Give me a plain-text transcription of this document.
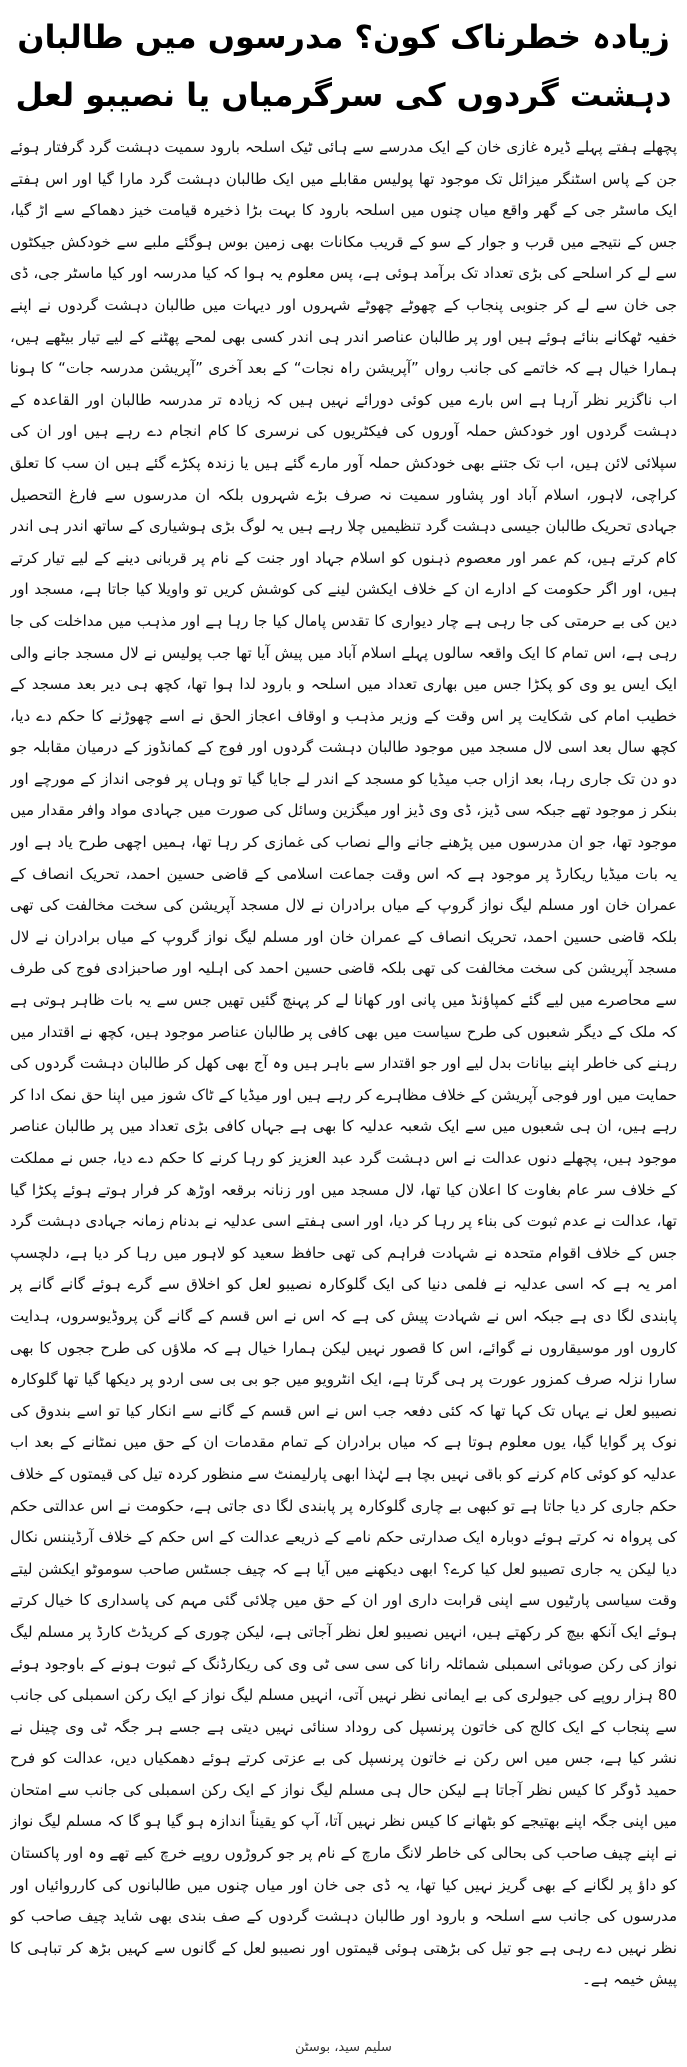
زیادہ خطرناک کون؟ مدرسوں میں طالبان
دہشت گردوں کی سرگرمیاں یا نصیبو لعل

پچھلے ہفتے پہلے ڈیرہ غازی خان کے ایک مدرسے سے ہائی ٹیک اسلحہ بارود سمیت دہشت گرد گرفتار ہوئے جن کے پاس اسٹنگر میزائل تک موجود تھا پولیس مقابلے میں ایک طالبان دہشت گرد مارا گیا اور اس ہفتے ایک ماسٹر جی کے گھر واقع میاں چنوں میں اسلحہ بارود کا بہت بڑا ذخیرہ قیامت خیز دھماکے سے اڑ گیا، جس کے نتیجے میں قرب و جوار کے سو کے قریب مکانات بھی زمین بوس ہوگئے ملبے سے خودکش جیکٹوں سے لے کر اسلحے کی بڑی تعداد تک برآمد ہوئی ہے، پس معلوم یہ ہوا کہ کیا مدرسہ اور کیا ماسٹر جی، ڈی جی خان سے لے کر جنوبی پنجاب کے چھوٹے چھوٹے شہروں اور دیہات میں طالبان دہشت گردوں نے اپنے خفیہ ٹھکانے بنائے ہوئے ہیں اور پر طالبان عناصر اندر ہی اندر کسی بھی لمحے پھٹنے کے لیے تیار بیٹھے ہیں، ہمارا خیال ہے کہ خاتمے کی جانب رواں ”آپریشن راہ نجات“ کے بعد آخری ”آپریشن مدرسہ جات“ کا ہونا اب ناگزیر نظر آرہا ہے اس بارے میں کوئی دورائے نہیں ہیں کہ زیادہ تر مدرسہ طالبان اور القاعدہ کے دہشت گردوں اور خودکش حملہ آوروں کی فیکٹریوں کی نرسری کا کام انجام دے رہے ہیں اور ان کی سپلائی لائن ہیں، اب تک جتنے بھی خودکش حملہ آور مارے گئے ہیں یا زندہ پکڑے گئے ہیں ان سب کا تعلق کراچی، لاہور، اسلام آباد اور پشاور سمیت نہ صرف بڑے شہروں بلکہ ان مدرسوں سے فارغ التحصیل جہادی تحریک طالبان جیسی دہشت گرد تنظیمیں چلا رہے ہیں یہ لوگ بڑی ہوشیاری کے ساتھ اندر ہی اندر کام کرتے ہیں، کم عمر اور معصوم ذہنوں کو اسلام جہاد اور جنت کے نام پر قربانی دینے کے لیے تیار کرتے ہیں، اور اگر حکومت کے ادارے ان کے خلاف ایکشن لینے کی کوشش کریں تو واویلا کیا جاتا ہے، مسجد اور دین کی بے حرمتی کی جا رہی ہے چار دیواری کا تقدس پامال کیا جا رہا ہے اور مذہب میں مداخلت کی جا رہی ہے، اس تمام کا ایک واقعہ سالوں پہلے اسلام آباد میں پیش آیا تھا جب پولیس نے لال مسجد جانے والی ایک ایس یو وی کو پکڑا جس میں بھاری تعداد میں اسلحہ و بارود لدا ہوا تھا، کچھ ہی دیر بعد مسجد کے خطیب امام کی شکایت پر اس وقت کے وزیر مذہب و اوقاف اعجاز الحق نے اسے چھوڑنے کا حکم دے دیا، کچھ سال بعد اسی لال مسجد میں موجود طالبان دہشت گردوں اور فوج کے کمانڈوز کے درمیان مقابلہ جو دو دن تک جاری رہا، بعد ازاں جب میڈیا کو مسجد کے اندر لے جایا گیا تو وہاں پر فوجی انداز کے مورچے اور بنکر ز موجود تھے جبکہ سی ڈیز، ڈی وی ڈیز اور میگزین وسائل کی صورت میں جہادی مواد وافر مقدار میں موجود تھا، جو ان مدرسوں میں پڑھنے جانے والے نصاب کی غمازی کر رہا تھا، ہمیں اچھی طرح یاد ہے اور یہ بات میڈیا ریکارڈ پر موجود ہے کہ اس وقت جماعت اسلامی کے قاضی حسین احمد، تحریک انصاف کے عمران خان اور مسلم لیگ نواز گروپ کے میاں برادران نے لال مسجد آپریشن کی سخت مخالفت کی تھی بلکہ قاضی حسین احمد، تحریک انصاف کے عمران خان اور مسلم لیگ نواز گروپ کے میاں برادران نے لال مسجد آپریشن کی سخت مخالفت کی تھی بلکہ قاضی حسین احمد کی اہلیہ اور صاحبزادی فوج کی طرف سے محاصرے میں لیے گئے کمپاؤنڈ میں پانی اور کھانا لے کر پہنچ گئیں تھیں جس سے یہ بات ظاہر ہوتی ہے کہ ملک کے دیگر شعبوں کی طرح سیاست میں بھی کافی پر طالبان عناصر موجود ہیں، کچھ نے اقتدار میں رہنے کی خاطر اپنے بیانات بدل لیے اور جو اقتدار سے باہر ہیں وہ آج بھی کھل کر طالبان دہشت گردوں کی حمایت میں اور فوجی آپریشن کے خلاف مظاہرے کر رہے ہیں اور میڈیا کے ٹاک شوز میں اپنا حق نمک ادا کر رہے ہیں، ان ہی شعبوں میں سے ایک شعبہ عدلیہ کا بھی ہے جہاں کافی بڑی تعداد میں پر طالبان عناصر موجود ہیں، پچھلے دنوں عدالت نے اس دہشت گرد عبد العزیز کو رہا کرنے کا حکم دے دیا، جس نے مملکت کے خلاف سر عام بغاوت کا اعلان کیا تھا، لال مسجد میں اور زنانہ برقعہ اوڑھ کر فرار ہوتے ہوئے پکڑا گیا تھا، عدالت نے عدم ثبوت کی بناء پر رہا کر دیا، اور اسی ہفتے اسی عدلیہ نے بدنام زمانہ جہادی دہشت گرد جس کے خلاف اقوام متحدہ نے شہادت فراہم کی تھی حافظ سعید کو لاہور میں رہا کر دیا ہے، دلچسپ امر یہ ہے کہ اسی عدلیہ نے فلمی دنیا کی ایک گلوکارہ نصیبو لعل کو اخلاق سے گرے ہوئے گانے گانے پر پابندی لگا دی ہے جبکہ اس نے شہادت پیش کی ہے کہ اس نے اس قسم کے گانے گن پروڈیوسروں، ہدایت کاروں اور موسیقاروں نے گوائے، اس کا قصور نہیں لیکن ہمارا خیال ہے کہ ملاؤں کی طرح ججوں کا بھی سارا نزلہ صرف کمزور عورت پر ہی گرتا ہے، ایک انٹرویو میں جو بی بی سی اردو پر دیکھا گیا تھا گلوکارہ نصیبو لعل نے یہاں تک کہا تھا کہ کئی دفعہ جب اس نے اس قسم کے گانے سے انکار کیا تو اسے بندوق کی نوک پر گوایا گیا، یوں معلوم ہوتا ہے کہ میاں برادران کے تمام مقدمات ان کے حق میں نمٹانے کے بعد اب عدلیہ کو کوئی کام کرنے کو باقی نہیں بچا ہے لہٰذا ابھی پارلیمنٹ سے منظور کردہ تیل کی قیمتوں کے خلاف حکم جاری کر دیا جاتا ہے تو کبھی بے چاری گلوکارہ پر پابندی لگا دی جاتی ہے، حکومت نے اس عدالتی حکم کی پرواہ نہ کرتے ہوئے دوبارہ ایک صدارتی حکم نامے کے ذریعے عدالت کے اس حکم کے خلاف آرڈیننس نکال دیا لیکن یہ جاری تصیبو لعل کیا کرے؟ ابھی دیکھنے میں آیا ہے کہ چیف جسٹس صاحب سوموٹو ایکشن لیتے وقت سیاسی پارٹیوں سے اپنی قرابت داری اور ان کے حق میں چلائی گئی مہم کی پاسداری کا خیال کرتے ہوئے ایک آنکھ بیچ کر رکھتے ہیں، انہیں نصیبو لعل نظر آجاتی ہے، لیکن چوری کے کریڈٹ کارڈ پر مسلم لیگ نواز کی رکن صوبائی اسمبلی شمائلہ رانا کی سی سی ٹی وی کی ریکارڈنگ کے ثبوت ہونے کے باوجود ہوئے 80 ہزار روپے کی جیولری کی بے ایمانی نظر نہیں آتی، انہیں مسلم لیگ نواز کے ایک رکن اسمبلی کی جانب سے پنجاب کے ایک کالج کی خاتون پرنسپل کی روداد سنائی نہیں دیتی ہے جسے ہر جگہ ٹی وی چینل نے نشر کیا ہے، جس میں اس رکن نے خاتون پرنسپل کی بے عزتی کرتے ہوئے دھمکیاں دیں، عدالت کو فرح حمید ڈوگر کا کیس نظر آجاتا ہے لیکن حال ہی مسلم لیگ نواز کے ایک رکن اسمبلی کی جانب سے امتحان میں اپنی جگہ اپنے بھتیجے کو بٹھانے کا کیس نظر نہیں آتا، آپ کو یقیناً اندازہ ہو گیا ہو گا کہ مسلم لیگ نواز نے اپنے چیف صاحب کی بحالی کی خاطر لانگ مارچ کے نام پر جو کروڑوں روپے خرچ کیے تھے وہ اور پاکستان کو داؤ پر لگانے کے بھی گریز نہیں کیا تھا، یہ ڈی جی خان اور میاں چنوں میں طالبانوں کی کارروائیاں اور مدرسوں کی جانب سے اسلحہ و بارود اور طالبان دہشت گردوں کے صف بندی بھی شاید چیف صاحب کو نظر نہیں دے رہی ہے جو تیل کی بڑھتی ہوئی قیمتوں اور نصیبو لعل کے گانوں سے کہیں بڑھ کر تباہی کا پیش خیمہ ہے۔

سلیم سید، بوسٹن
